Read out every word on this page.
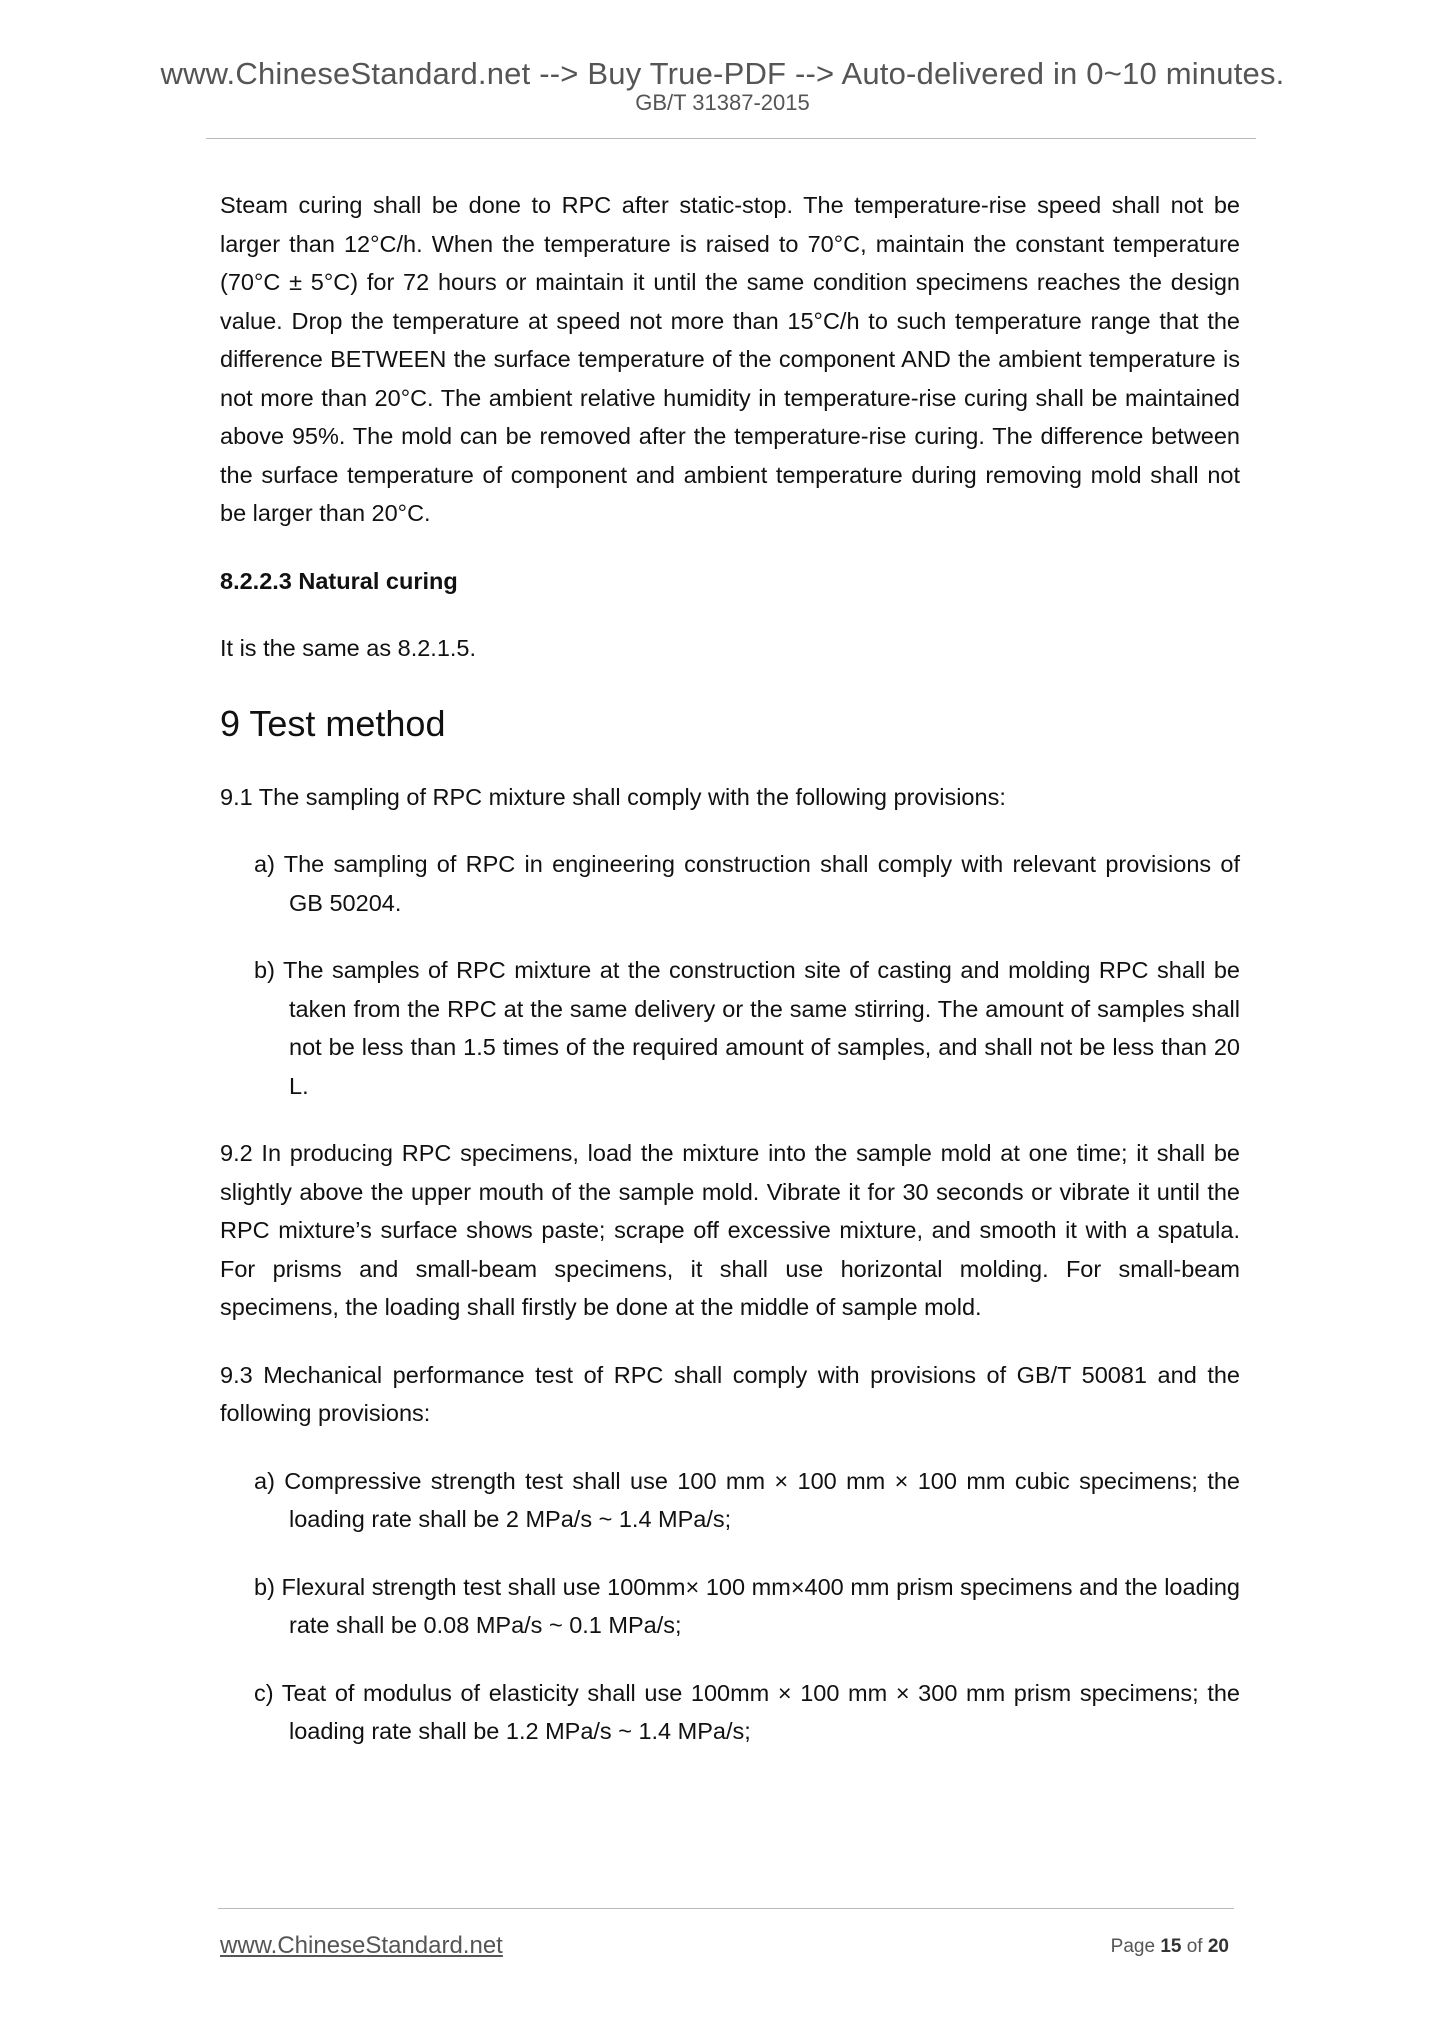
www.ChineseStandard.net --> Buy True-PDF --> Auto-delivered in 0~10 minutes.
GB/T 31387-2015

Steam curing shall be done to RPC after static-stop. The temperature-rise speed shall not be larger than 12°C/h. When the temperature is raised to 70°C, maintain the constant temperature (70°C ± 5°C) for 72 hours or maintain it until the same condition specimens reaches the design value. Drop the temperature at speed not more than 15°C/h to such temperature range that the difference BETWEEN the surface temperature of the component AND the ambient temperature is not more than 20°C. The ambient relative humidity in temperature-rise curing shall be maintained above 95%. The mold can be removed after the temperature-rise curing. The difference between the surface temperature of component and ambient temperature during removing mold shall not be larger than 20°C.

8.2.2.3 Natural curing

It is the same as 8.2.1.5.

9 Test method

9.1 The sampling of RPC mixture shall comply with the following provisions:

a) The sampling of RPC in engineering construction shall comply with relevant provisions of GB 50204.

b) The samples of RPC mixture at the construction site of casting and molding RPC shall be taken from the RPC at the same delivery or the same stirring. The amount of samples shall not be less than 1.5 times of the required amount of samples, and shall not be less than 20 L.

9.2 In producing RPC specimens, load the mixture into the sample mold at one time; it shall be slightly above the upper mouth of the sample mold. Vibrate it for 30 seconds or vibrate it until the RPC mixture’s surface shows paste; scrape off excessive mixture, and smooth it with a spatula. For prisms and small-beam specimens, it shall use horizontal molding. For small-beam specimens, the loading shall firstly be done at the middle of sample mold.

9.3 Mechanical performance test of RPC shall comply with provisions of GB/T 50081 and the following provisions:

a) Compressive strength test shall use 100 mm × 100 mm × 100 mm cubic specimens; the loading rate shall be 2 MPa/s ~ 1.4 MPa/s;

b) Flexural strength test shall use 100mm× 100 mm×400 mm prism specimens and the loading rate shall be 0.08 MPa/s ~ 0.1 MPa/s;

c) Teat of modulus of elasticity shall use 100mm × 100 mm × 300 mm prism specimens; the loading rate shall be 1.2 MPa/s ~ 1.4 MPa/s;

www.ChineseStandard.net	Page 15 of 20
